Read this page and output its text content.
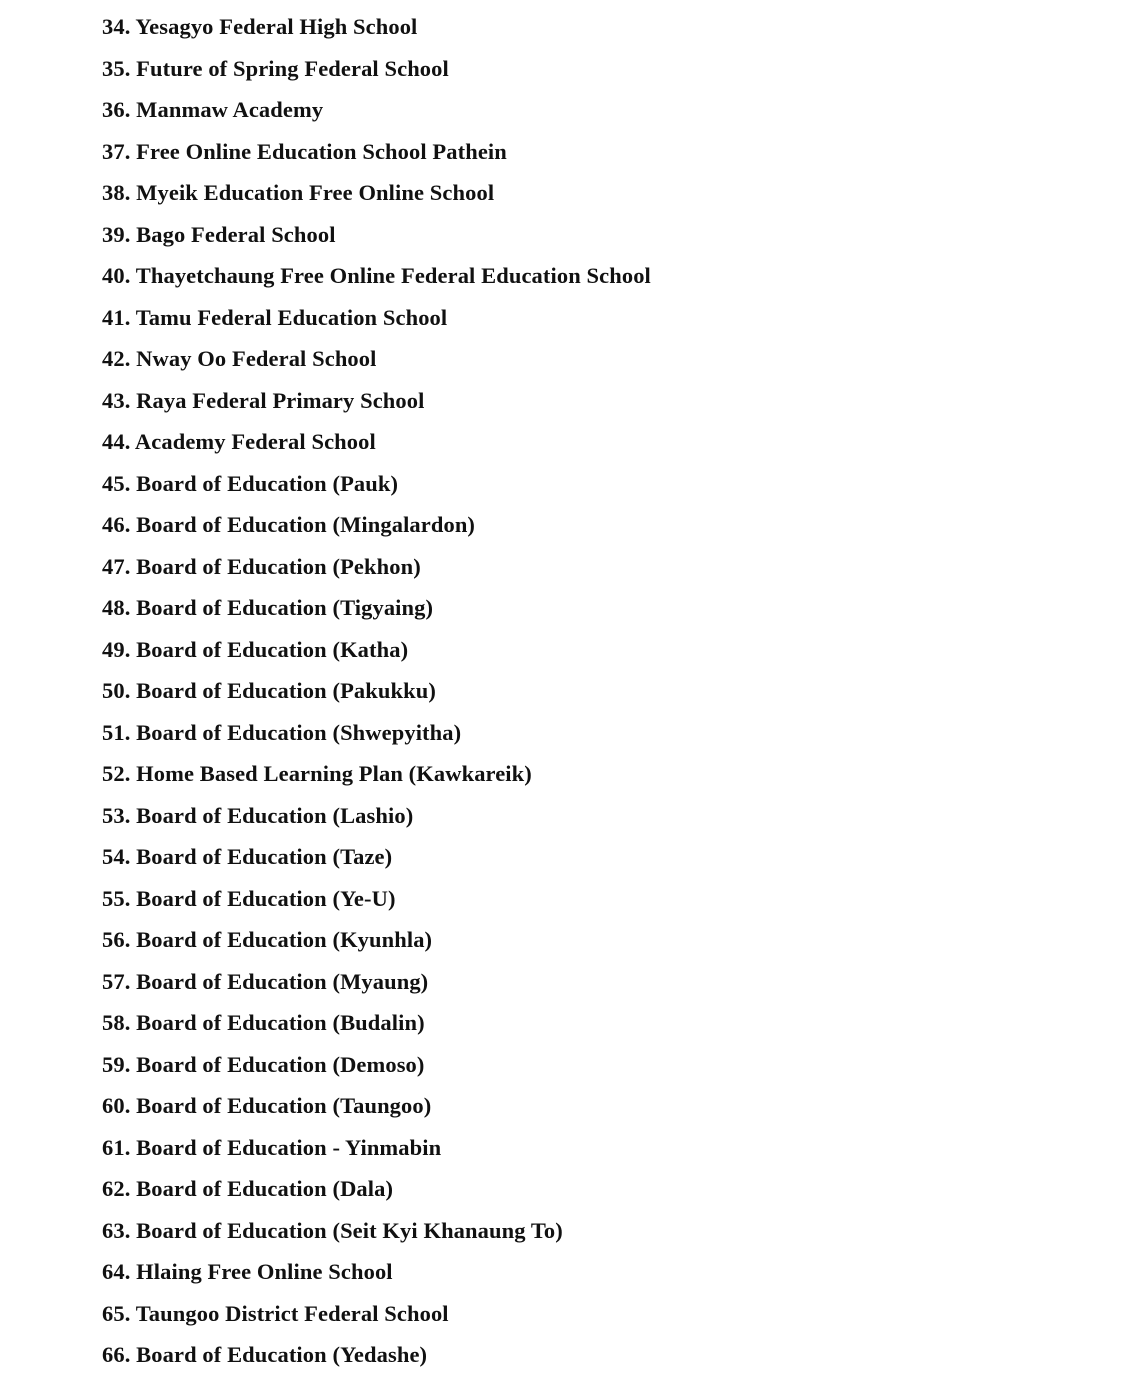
34. Yesagyo Federal High School
35. Future of Spring Federal School
36. Manmaw Academy
37. Free Online Education School Pathein
38. Myeik Education Free Online School
39. Bago Federal School
40. Thayetchaung Free Online Federal Education School
41. Tamu Federal Education School
42. Nway Oo Federal School
43. Raya Federal Primary School
44. Academy Federal School
45. Board of Education (Pauk)
46. Board of Education (Mingalardon)
47. Board of Education (Pekhon)
48. Board of Education (Tigyaing)
49. Board of Education (Katha)
50. Board of Education (Pakukku)
51. Board of Education (Shwepyitha)
52. Home Based Learning Plan (Kawkareik)
53. Board of Education (Lashio)
54. Board of Education (Taze)
55. Board of Education (Ye-U)
56. Board of Education (Kyunhla)
57. Board of Education (Myaung)
58. Board of Education (Budalin)
59. Board of Education (Demoso)
60. Board of Education (Taungoo)
61. Board of Education - Yinmabin
62. Board of Education (Dala)
63. Board of Education (Seit Kyi Khanaung To)
64. Hlaing Free Online School
65. Taungoo District Federal School
66. Board of Education (Yedashe)
